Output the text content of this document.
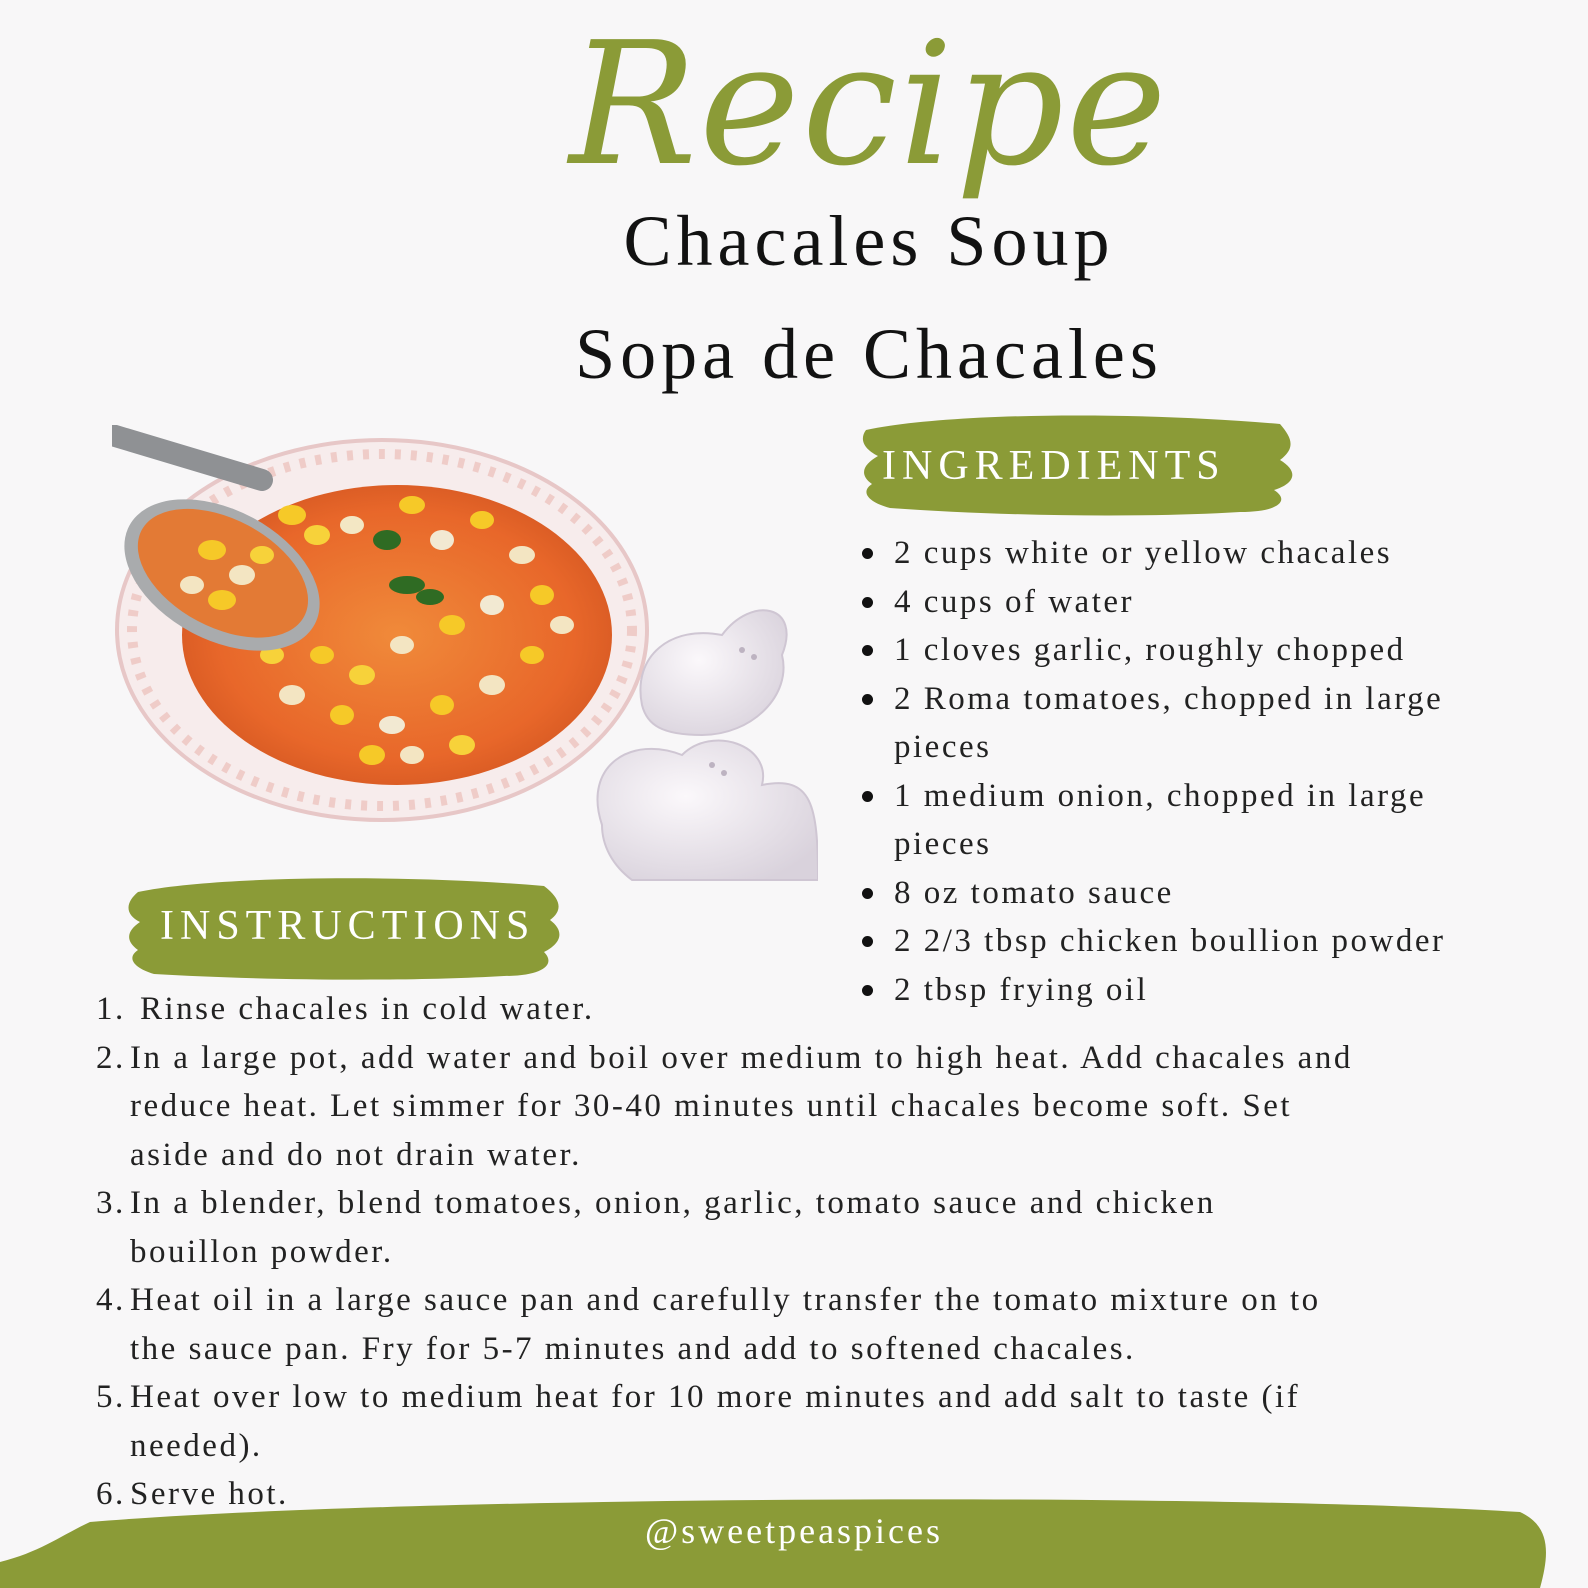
Recipe
Chacales Soup
Sopa de Chacales
INGREDIENTS
2 cups white or yellow chacales
4 cups of water
1 cloves garlic, roughly chopped
2 Roma tomatoes, chopped in large pieces
1 medium onion, chopped in large pieces
8 oz tomato sauce
2 2/3 tbsp chicken boullion powder
2 tbsp frying oil
INSTRUCTIONS
1. Rinse chacales in cold water.
2. In a large pot, add water and boil over medium to high heat. Add chacales and reduce heat. Let simmer for 30-40 minutes until chacales become soft. Set aside and do not drain water.
3. In a blender, blend tomatoes, onion, garlic, tomato sauce and chicken bouillon powder.
4. Heat oil in a large sauce pan and carefully transfer the tomato mixture on to the sauce pan. Fry for 5-7 minutes and add to softened chacales.
5. Heat over low to medium heat for 10 more minutes and add salt to taste (if needed).
6. Serve hot.
@sweetpeaspices
